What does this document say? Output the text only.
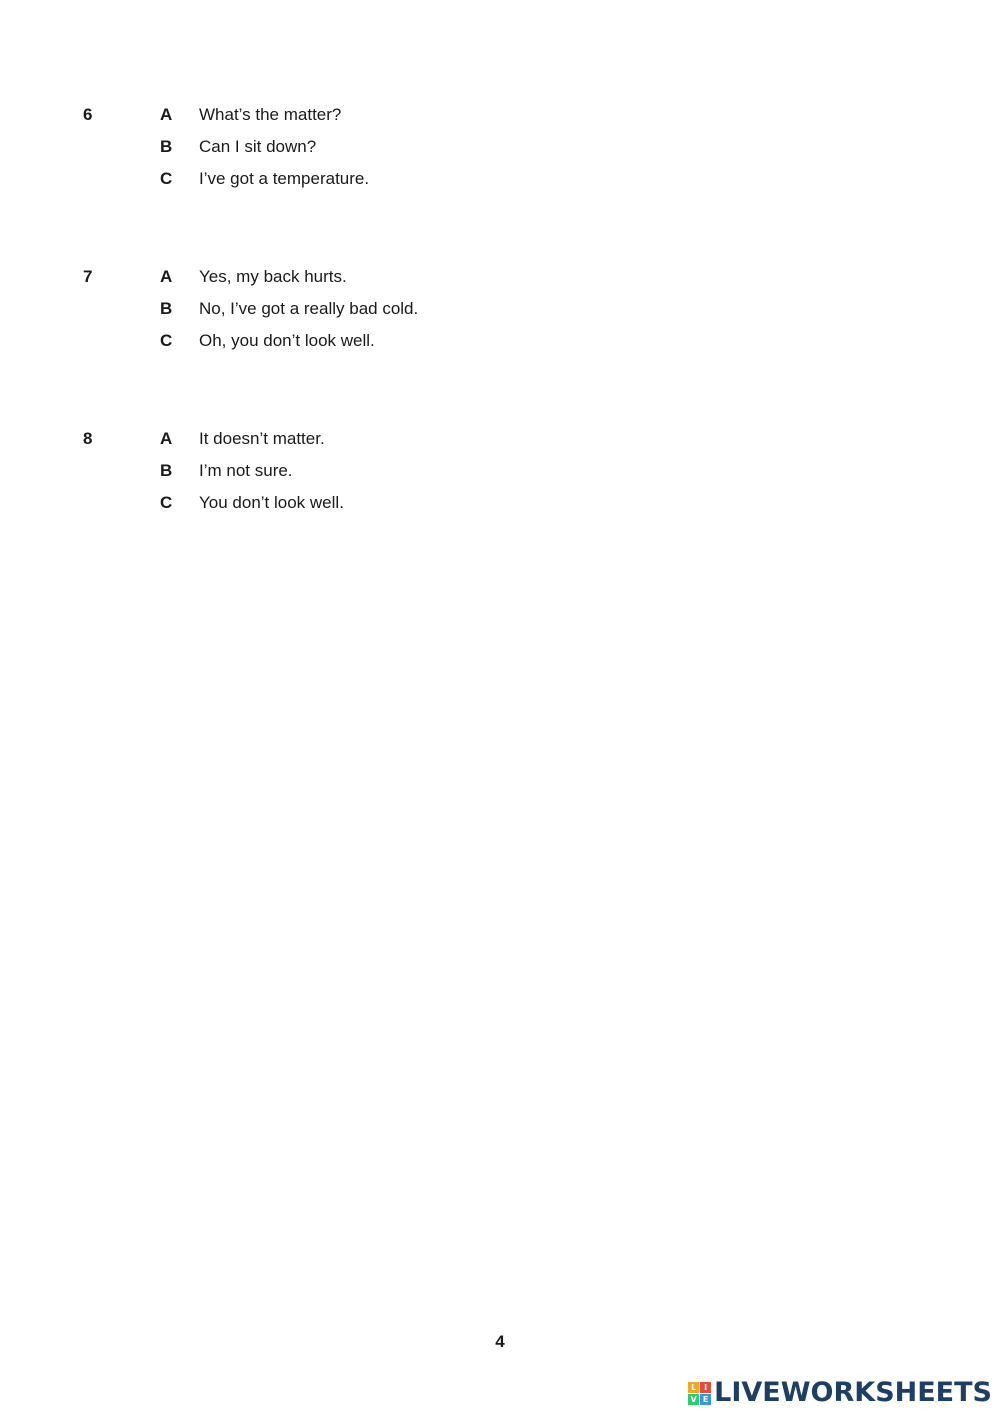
6	A What’s the matter?
B Can I sit down?
C I’ve got a temperature.
7	A Yes, my back hurts.
B No, I’ve got a really bad cold.
C Oh, you don’t look well.
8	A It doesn’t matter.
B I’m not sure.
C You don’t look well.
4
L I
V E LIVEWORKSHEETS
